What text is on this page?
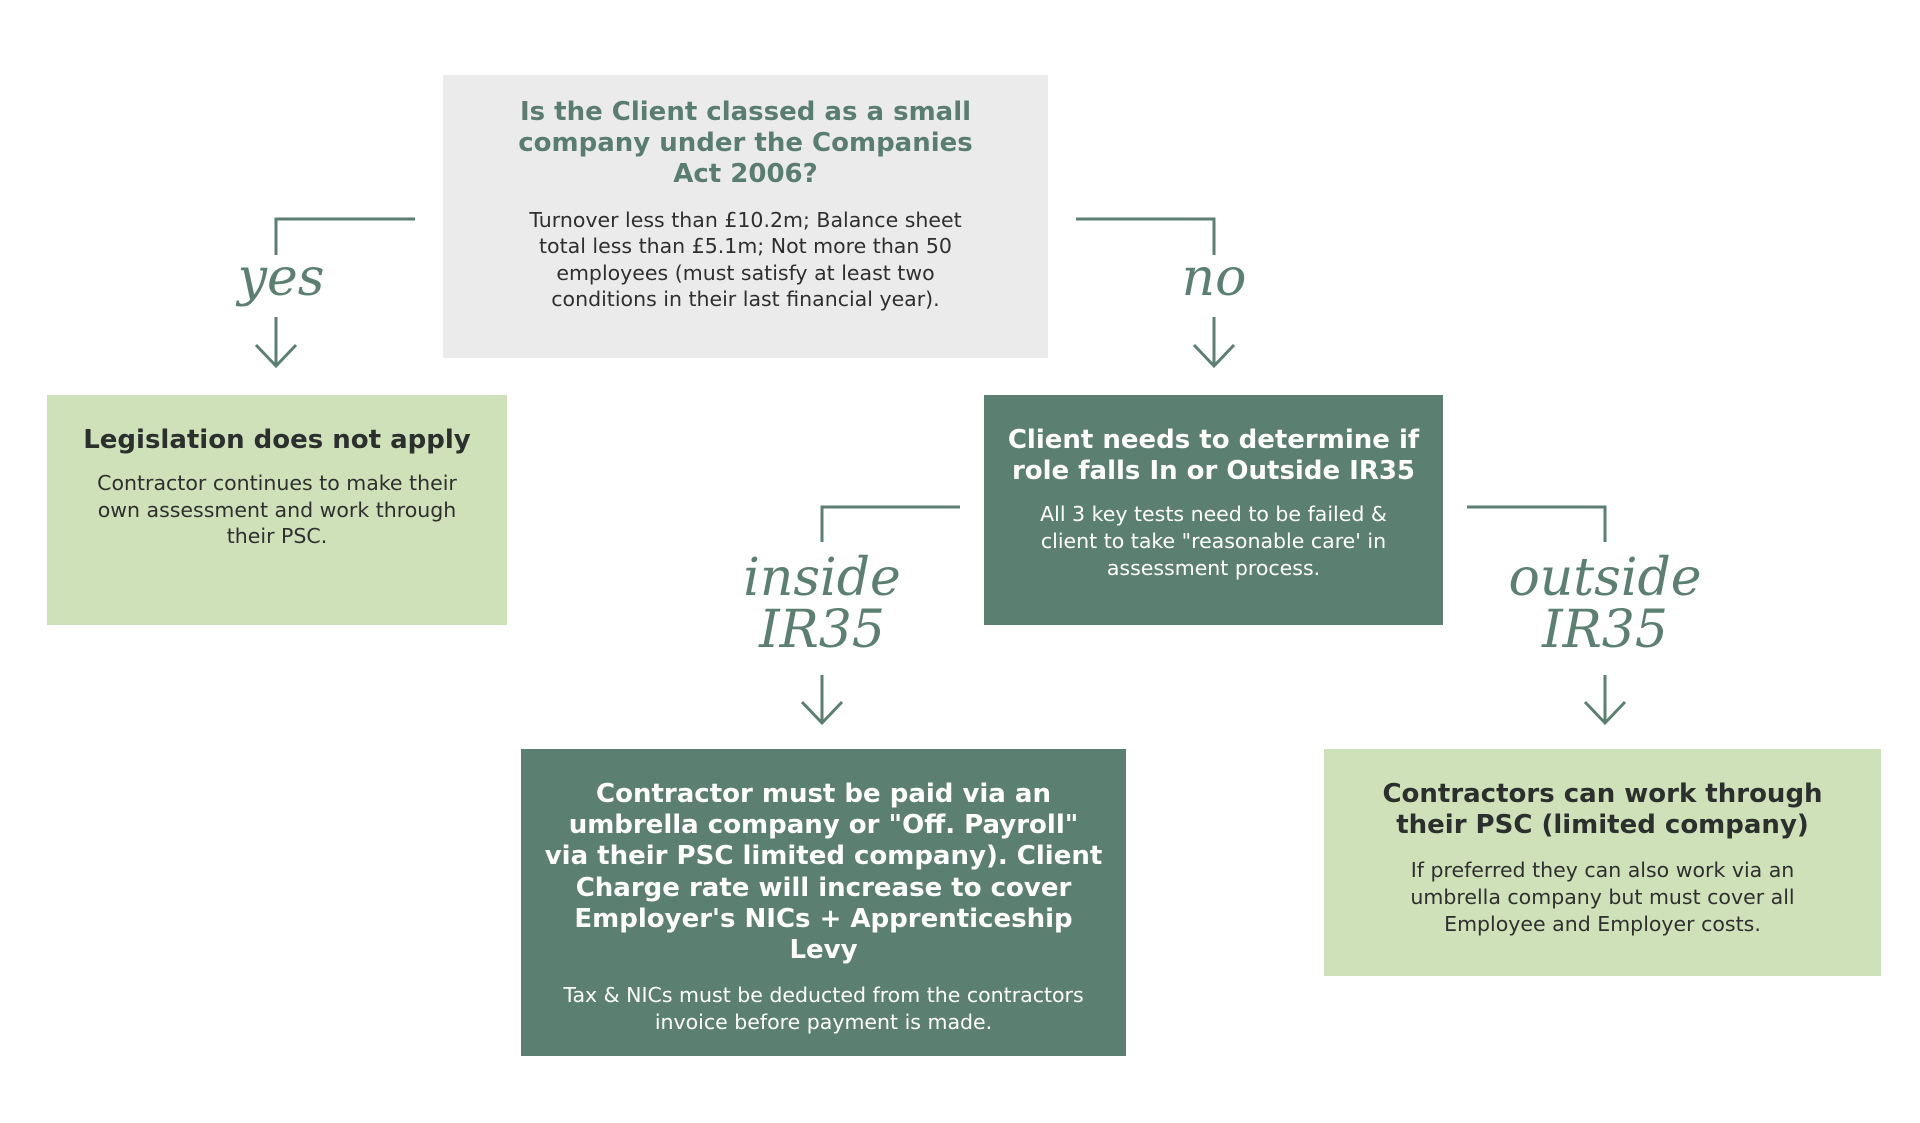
yes	no
inside
IR35
outside
IR35
Is the Client classed as a small company under the Companies Act 2006?
Turnover less than £10.2m; Balance sheet total less than £5.1m; Not more than 50 employees (must satisfy at least two conditions in their last financial year).
Legislation does not apply
Contractor continues to make their own assessment and work through their PSC.
Client needs to determine if role falls In or Outside IR35
All 3 key tests need to be failed & client to take "reasonable care' in assessment process.
Contractor must be paid via an umbrella company or "Off. Payroll" via their PSC limited company). Client Charge rate will increase to cover Employer's NICs + Apprenticeship Levy
Tax & NICs must be deducted from the contractors invoice before payment is made.
Contractors can work through their PSC (limited company)
If preferred they can also work via an umbrella company but must cover all Employee and Employer costs.
